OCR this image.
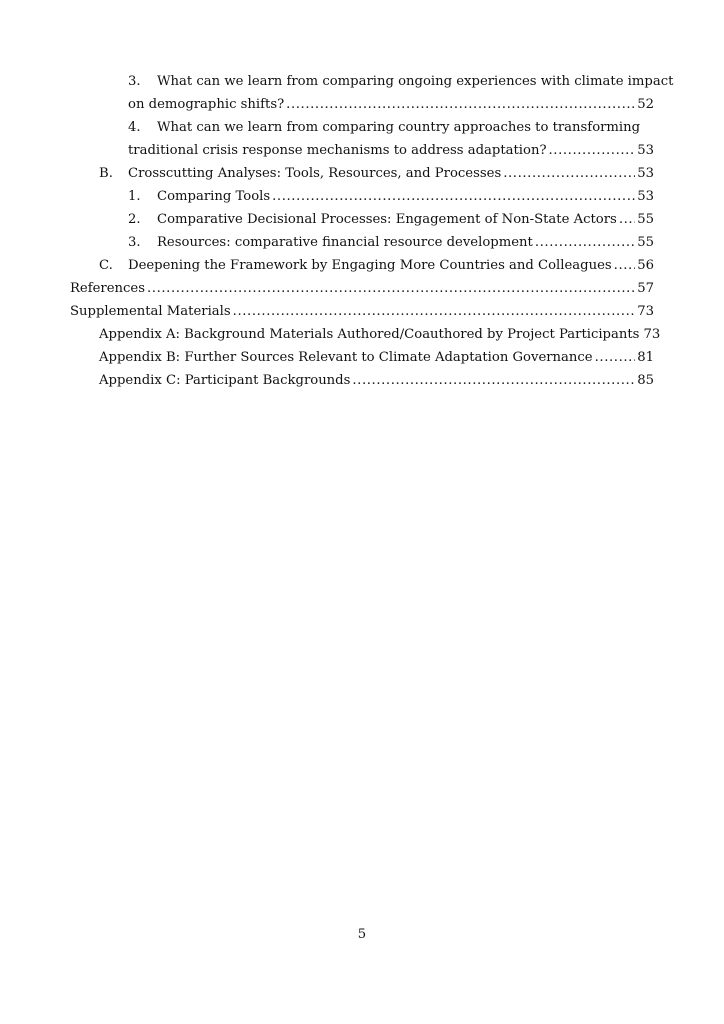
3. What can we learn from comparing ongoing experiences with climate impact
on demographic shifts? .....	52
4. What can we learn from comparing country approaches to transforming
traditional crisis response mechanisms to address adaptation? .....	53
B. Crosscutting Analyses: Tools, Resources, and Processes .....	53
1. Comparing Tools .....	53
2. Comparative Decisional Processes: Engagement of Non-State Actors ..... 55
3. Resources: comparative financial resource development .....	55
C. Deepening the Framework by Engaging More Countries and Colleagues ..... 56
References .....	57
Supplemental Materials .....	73
Appendix A: Background Materials Authored/Coauthored by Project Participants 73
Appendix B: Further Sources Relevant to Climate Adaptation Governance .....	81
Appendix C: Participant Backgrounds .....	85
5
